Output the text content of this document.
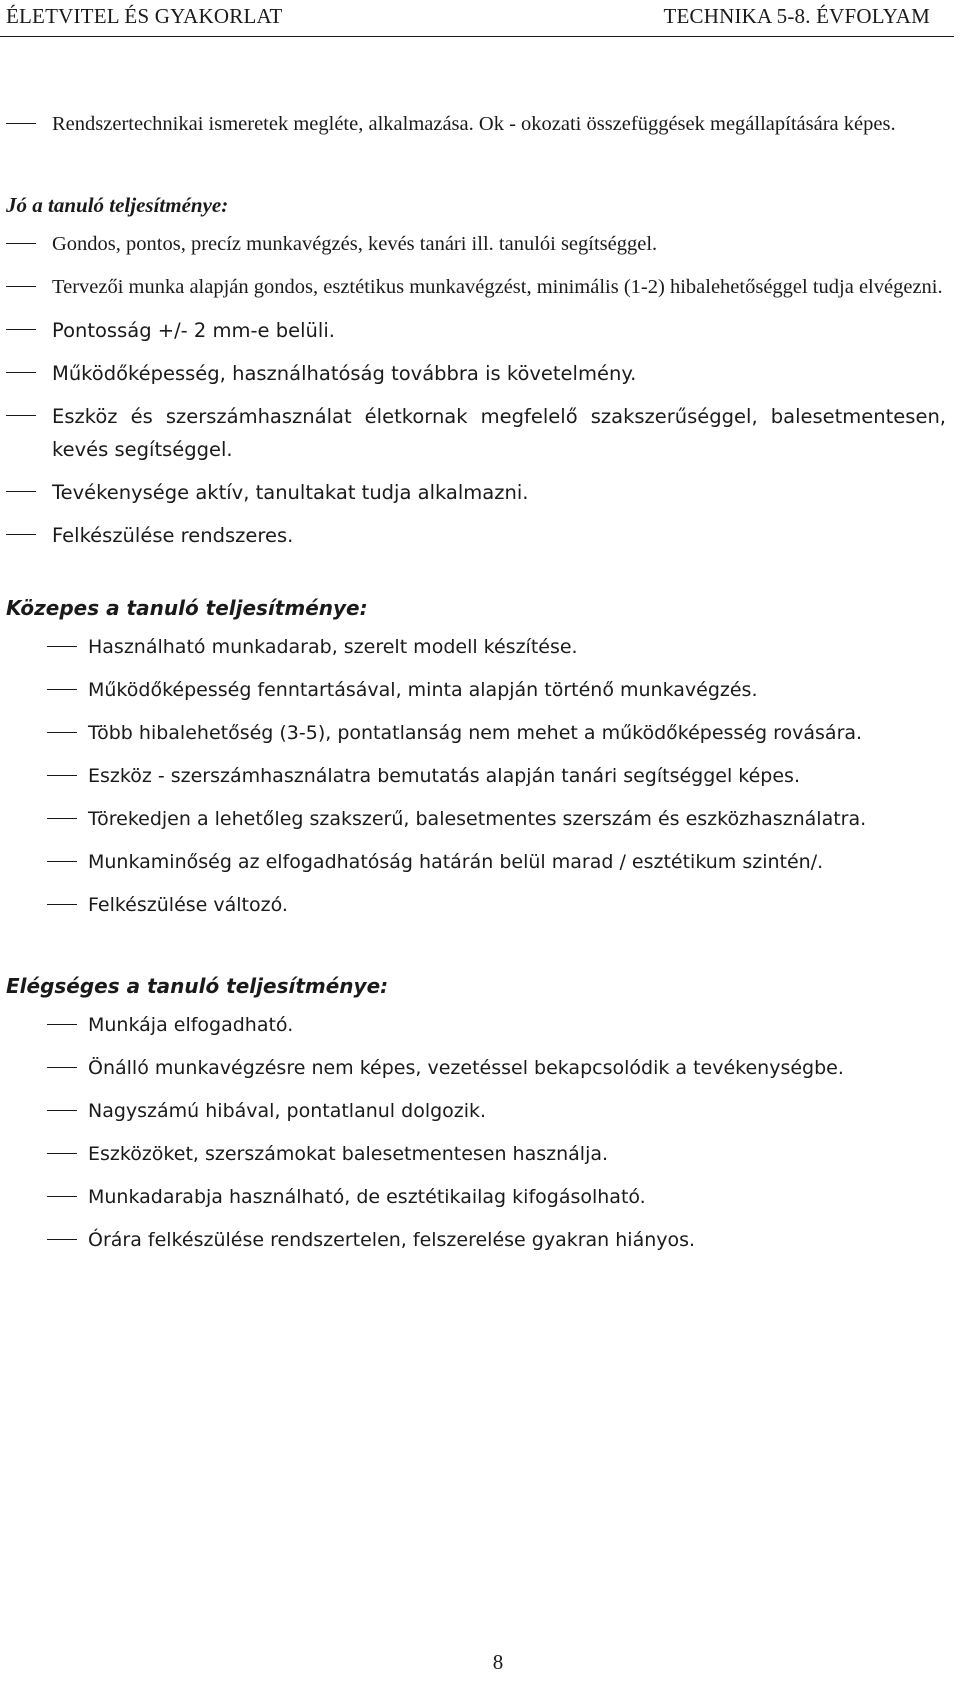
ÉLETVITEL ÉS GYAKORLAT	TECHNIKA 5-8. ÉVFOLYAM
Rendszertechnikai ismeretek megléte, alkalmazása. Ok - okozati összefüggések megállapítására képes.
Jó a tanuló teljesítménye:
Gondos, pontos, precíz munkavégzés, kevés tanári ill. tanulói segítséggel.
Tervezői munka alapján gondos, esztétikus munkavégzést, minimális (1-2) hibalehetőséggel tudja elvégezni.
Pontosság +/- 2 mm-e belüli.
Működőképesség, használhatóság továbbra is követelmény.
Eszköz és szerszámhasználat életkornak megfelelő szakszerűséggel, balesetmentesen, kevés segítséggel.
Tevékenysége aktív, tanultakat tudja alkalmazni.
Felkészülése rendszeres.
Közepes a tanuló teljesítménye:
Használható munkadarab, szerelt modell készítése.
Működőképesség fenntartásával, minta alapján történő munkavégzés.
Több hibalehetőség (3-5), pontatlanság nem mehet a működőképesség rovására.
Eszköz - szerszámhasználatra bemutatás alapján tanári segítséggel képes.
Törekedjen a lehetőleg szakszerű, balesetmentes szerszám és eszközhasználatra.
Munkaminőség az elfogadhatóság határán belül marad / esztétikum szintén/.
Felkészülése változó.
Elégséges a tanuló teljesítménye:
Munkája elfogadható.
Önálló munkavégzésre nem képes, vezetéssel bekapcsolódik a tevékenységbe.
Nagyszámú hibával, pontatlanul dolgozik.
Eszközöket, szerszámokat balesetmentesen használja.
Munkadarabja használható, de esztétikailag kifogásolható.
Órára felkészülése rendszertelen, felszerelése gyakran hiányos.
8
